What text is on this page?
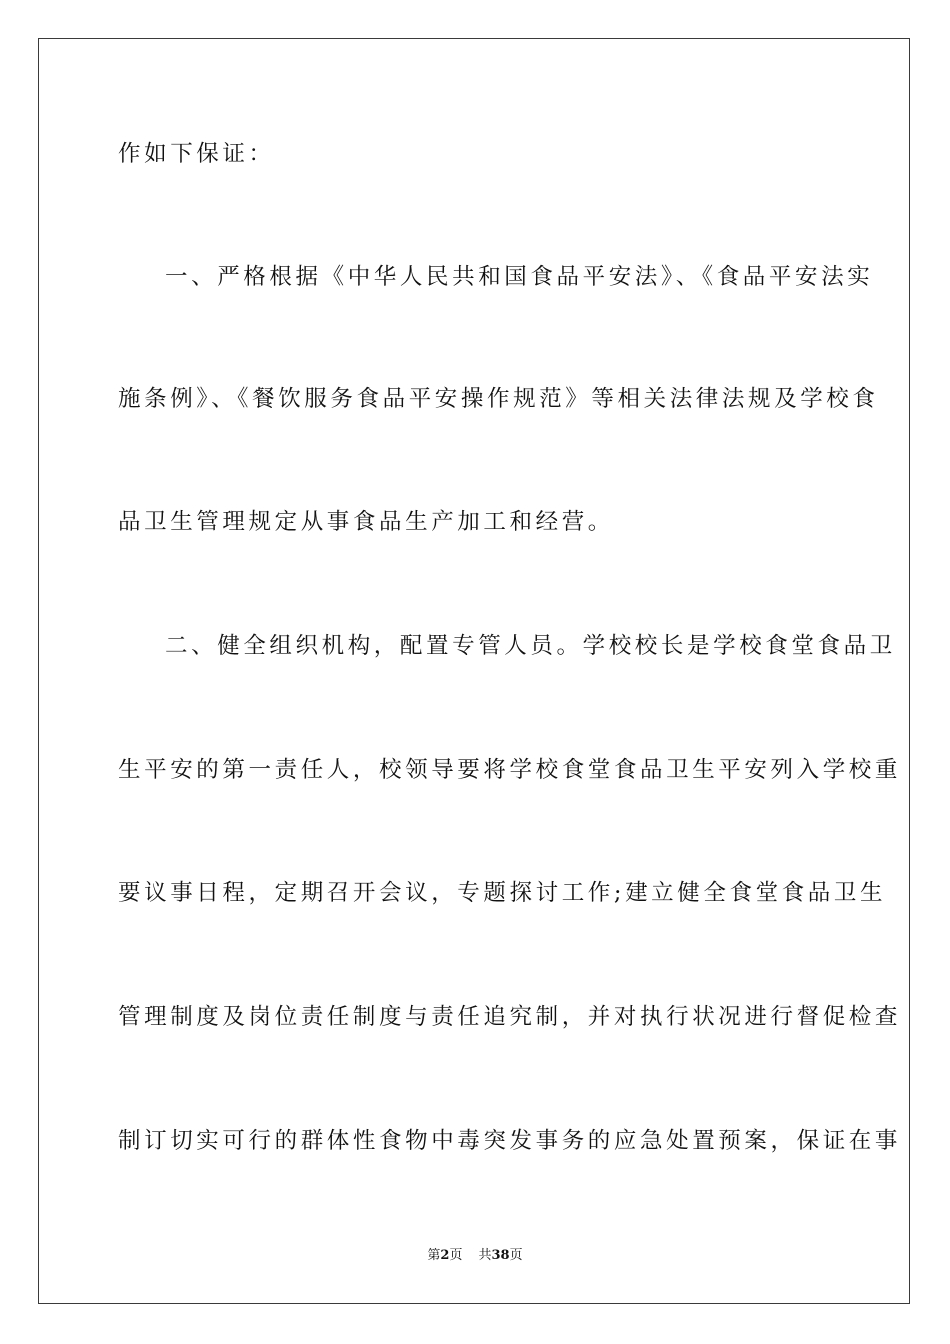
作如下保证：
一、严格根据《中华人民共和国食品平安法》、《食品平安法实
施条例》、《餐饮服务食品平安操作规范》等相关法律法规及学校食
品卫生管理规定从事食品生产加工和经营。
二、健全组织机构，配置专管人员。学校校长是学校食堂食品卫
生平安的第一责任人，校领导要将学校食堂食品卫生平安列入学校重
要议事日程，定期召开会议，专题探讨工作;建立健全食堂食品卫生
管理制度及岗位责任制度与责任追究制，并对执行状况进行督促检查
制订切实可行的群体性食物中毒突发事务的应急处置预案，保证在事
第2页 共38页
